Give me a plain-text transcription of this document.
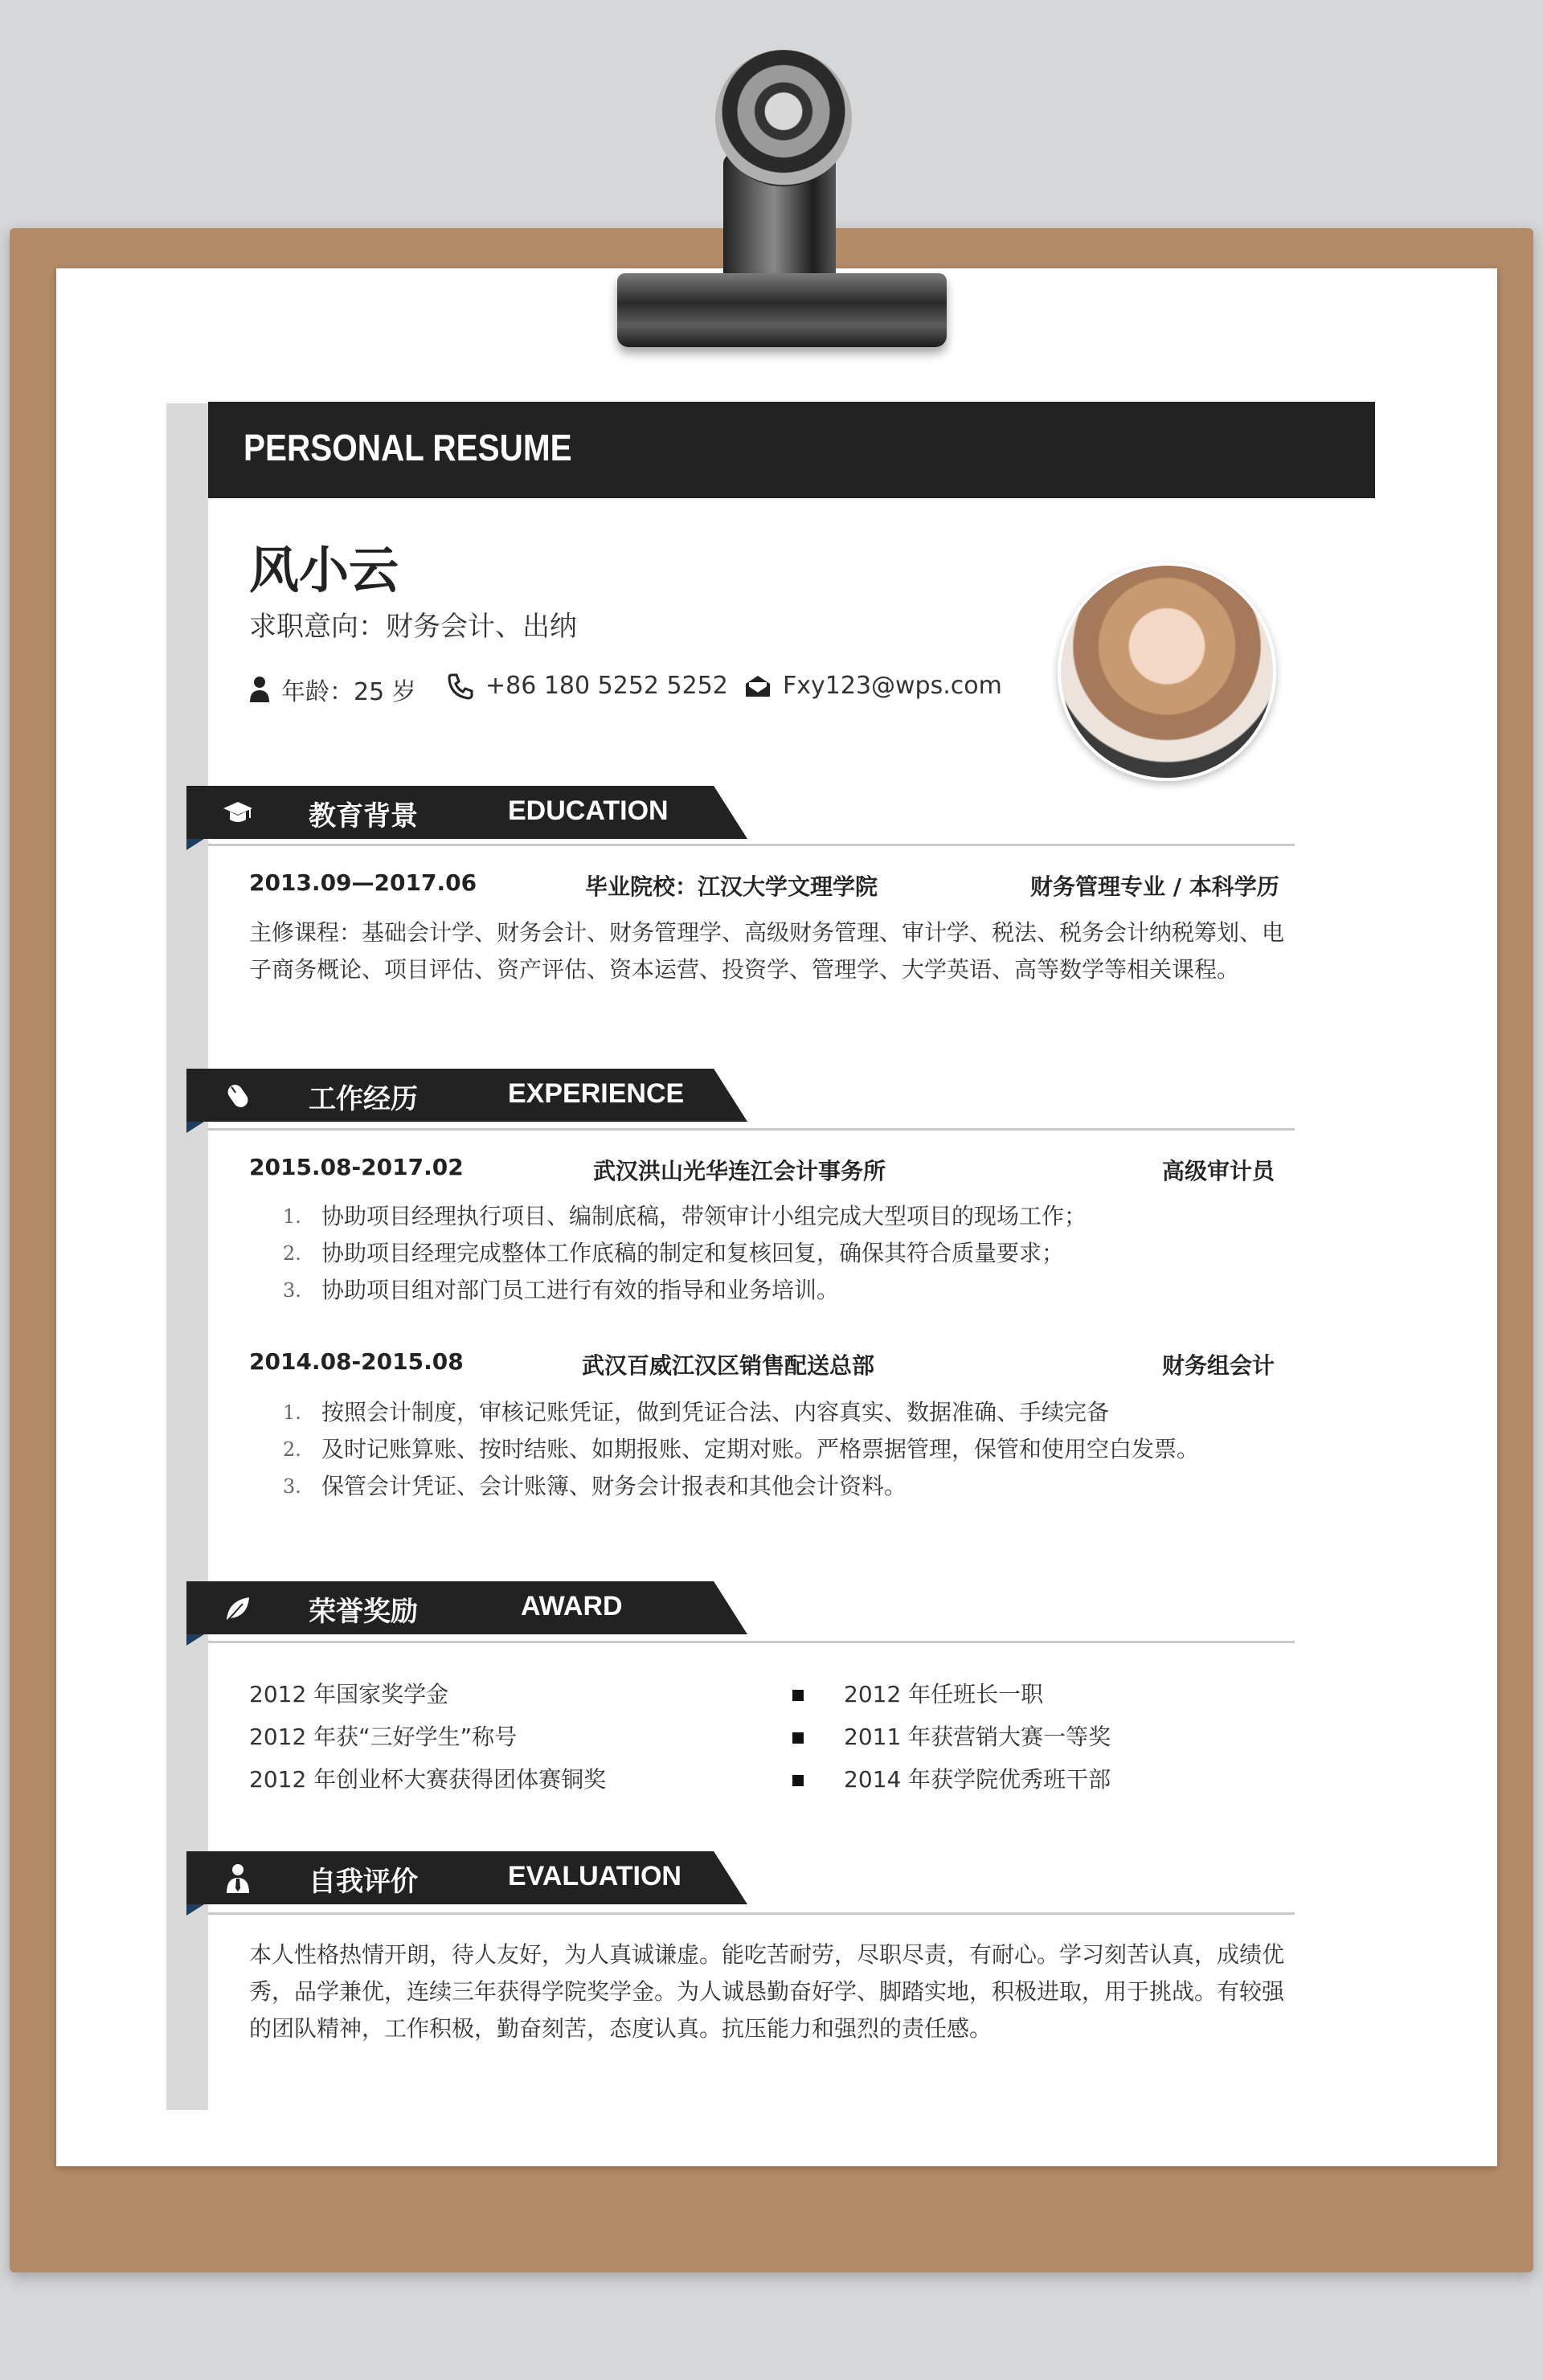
PERSONAL RESUME
风小云
求职意向：财务会计、出纳
年龄：25 岁	+86 180 5252 5252 Fxy123@wps.com
教育背景	EDUCATION
2013.09—2017.06	毕业院校：江汉大学文理学院	财务管理专业 / 本科学历
主修课程：基础会计学、财务会计、财务管理学、高级财务管理、审计学、税法、税务会计纳税筹划、电子商务概论、项目评估、资产评估、资本运营、投资学、管理学、大学英语、高等数学等相关课程。
工作经历	EXPERIENCE
2015.08-2017.02	武汉洪山光华连江会计事务所	高级审计员
1. 协助项目经理执行项目、编制底稿，带领审计小组完成大型项目的现场工作；
2. 协助项目经理完成整体工作底稿的制定和复核回复，确保其符合质量要求；
3. 协助项目组对部门员工进行有效的指导和业务培训。
2014.08-2015.08	武汉百威江汉区销售配送总部	财务组会计
1. 按照会计制度，审核记账凭证，做到凭证合法、内容真实、数据准确、手续完备
2. 及时记账算账、按时结账、如期报账、定期对账。严格票据管理，保管和使用空白发票。
3. 保管会计凭证、会计账簿、财务会计报表和其他会计资料。
荣誉奖励	AWARD
2012 年国家奖学金
2012 年获“三好学生”称号
2012 年创业杯大赛获得团体赛铜奖
2012 年任班长一职
2011 年获营销大赛一等奖
2014 年获学院优秀班干部
自我评价	EVALUATION
本人性格热情开朗，待人友好，为人真诚谦虚。能吃苦耐劳，尽职尽责，有耐心。学习刻苦认真，成绩优秀，品学兼优，连续三年获得学院奖学金。为人诚恳勤奋好学、脚踏实地，积极进取，用于挑战。有较强的团队精神，工作积极，勤奋刻苦，态度认真。抗压能力和强烈的责任感。
